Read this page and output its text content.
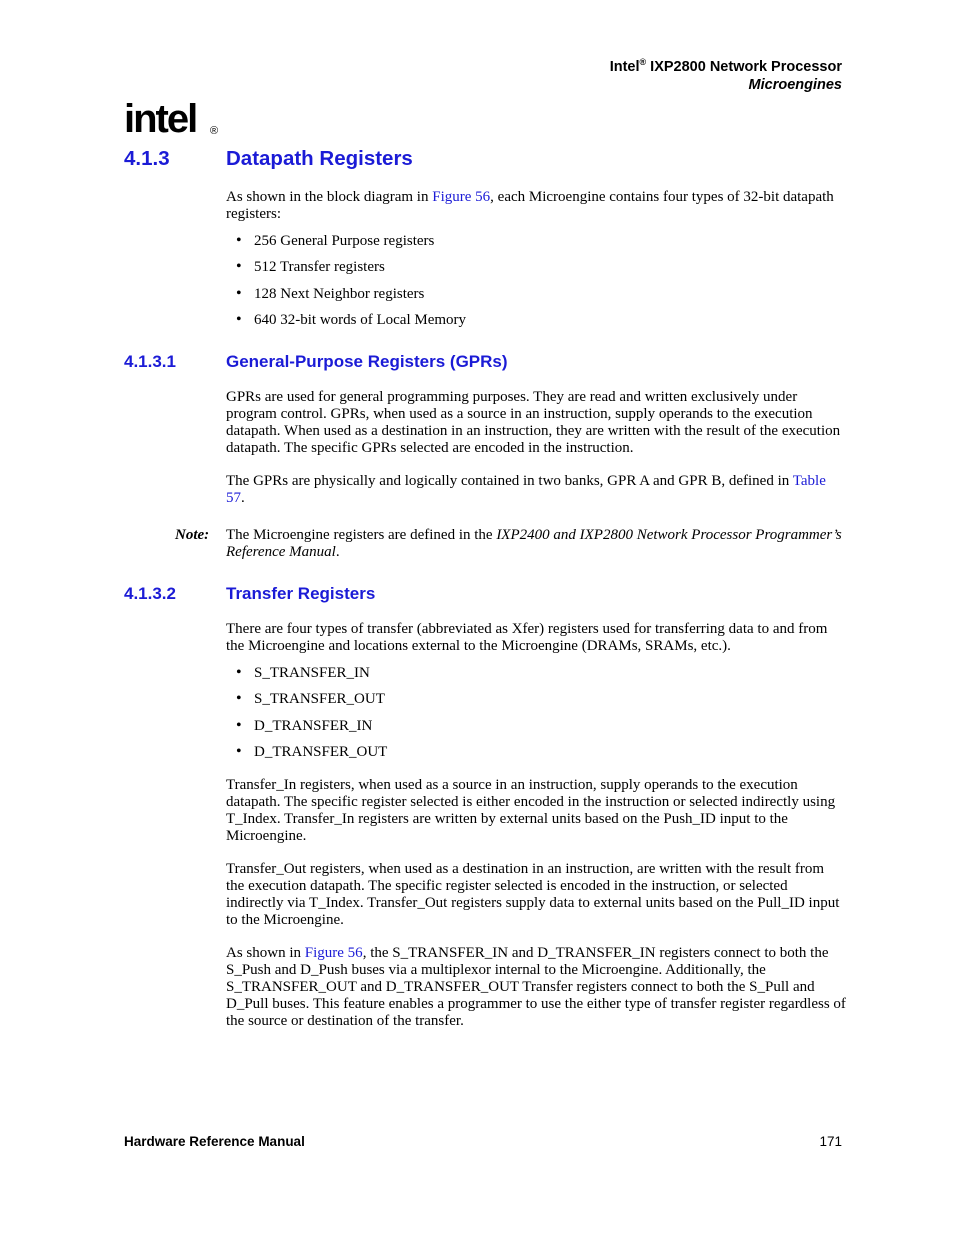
Intel® IXP2800 Network Processor
Microengines
intel ®
4.1.3	Datapath Registers
As shown in the block diagram in Figure 56, each Microengine contains four types of 32-bit datapath registers:
• 256 General Purpose registers
• 512 Transfer registers
• 128 Next Neighbor registers
• 640 32-bit words of Local Memory
4.1.3.1	General-Purpose Registers (GPRs)
GPRs are used for general programming purposes. They are read and written exclusively under program control. GPRs, when used as a source in an instruction, supply operands to the execution datapath. When used as a destination in an instruction, they are written with the result of the execution datapath. The specific GPRs selected are encoded in the instruction.
The GPRs are physically and logically contained in two banks, GPR A and GPR B, defined in Table 57.
Note: The Microengine registers are defined in the IXP2400 and IXP2800 Network Processor Programmer’s Reference Manual.
4.1.3.2	Transfer Registers
There are four types of transfer (abbreviated as Xfer) registers used for transferring data to and from the Microengine and locations external to the Microengine (DRAMs, SRAMs, etc.).
• S_TRANSFER_IN
• S_TRANSFER_OUT
• D_TRANSFER_IN
• D_TRANSFER_OUT
Transfer_In registers, when used as a source in an instruction, supply operands to the execution datapath. The specific register selected is either encoded in the instruction or selected indirectly using T_Index. Transfer_In registers are written by external units based on the Push_ID input to the Microengine.
Transfer_Out registers, when used as a destination in an instruction, are written with the result from the execution datapath. The specific register selected is encoded in the instruction, or selected indirectly via T_Index. Transfer_Out registers supply data to external units based on the Pull_ID input to the Microengine.
As shown in Figure 56, the S_TRANSFER_IN and D_TRANSFER_IN registers connect to both the S_Push and D_Push buses via a multiplexor internal to the Microengine. Additionally, the S_TRANSFER_OUT and D_TRANSFER_OUT Transfer registers connect to both the S_Pull and D_Pull buses. This feature enables a programmer to use the either type of transfer register regardless of the source or destination of the transfer.
Hardware Reference Manual	171
